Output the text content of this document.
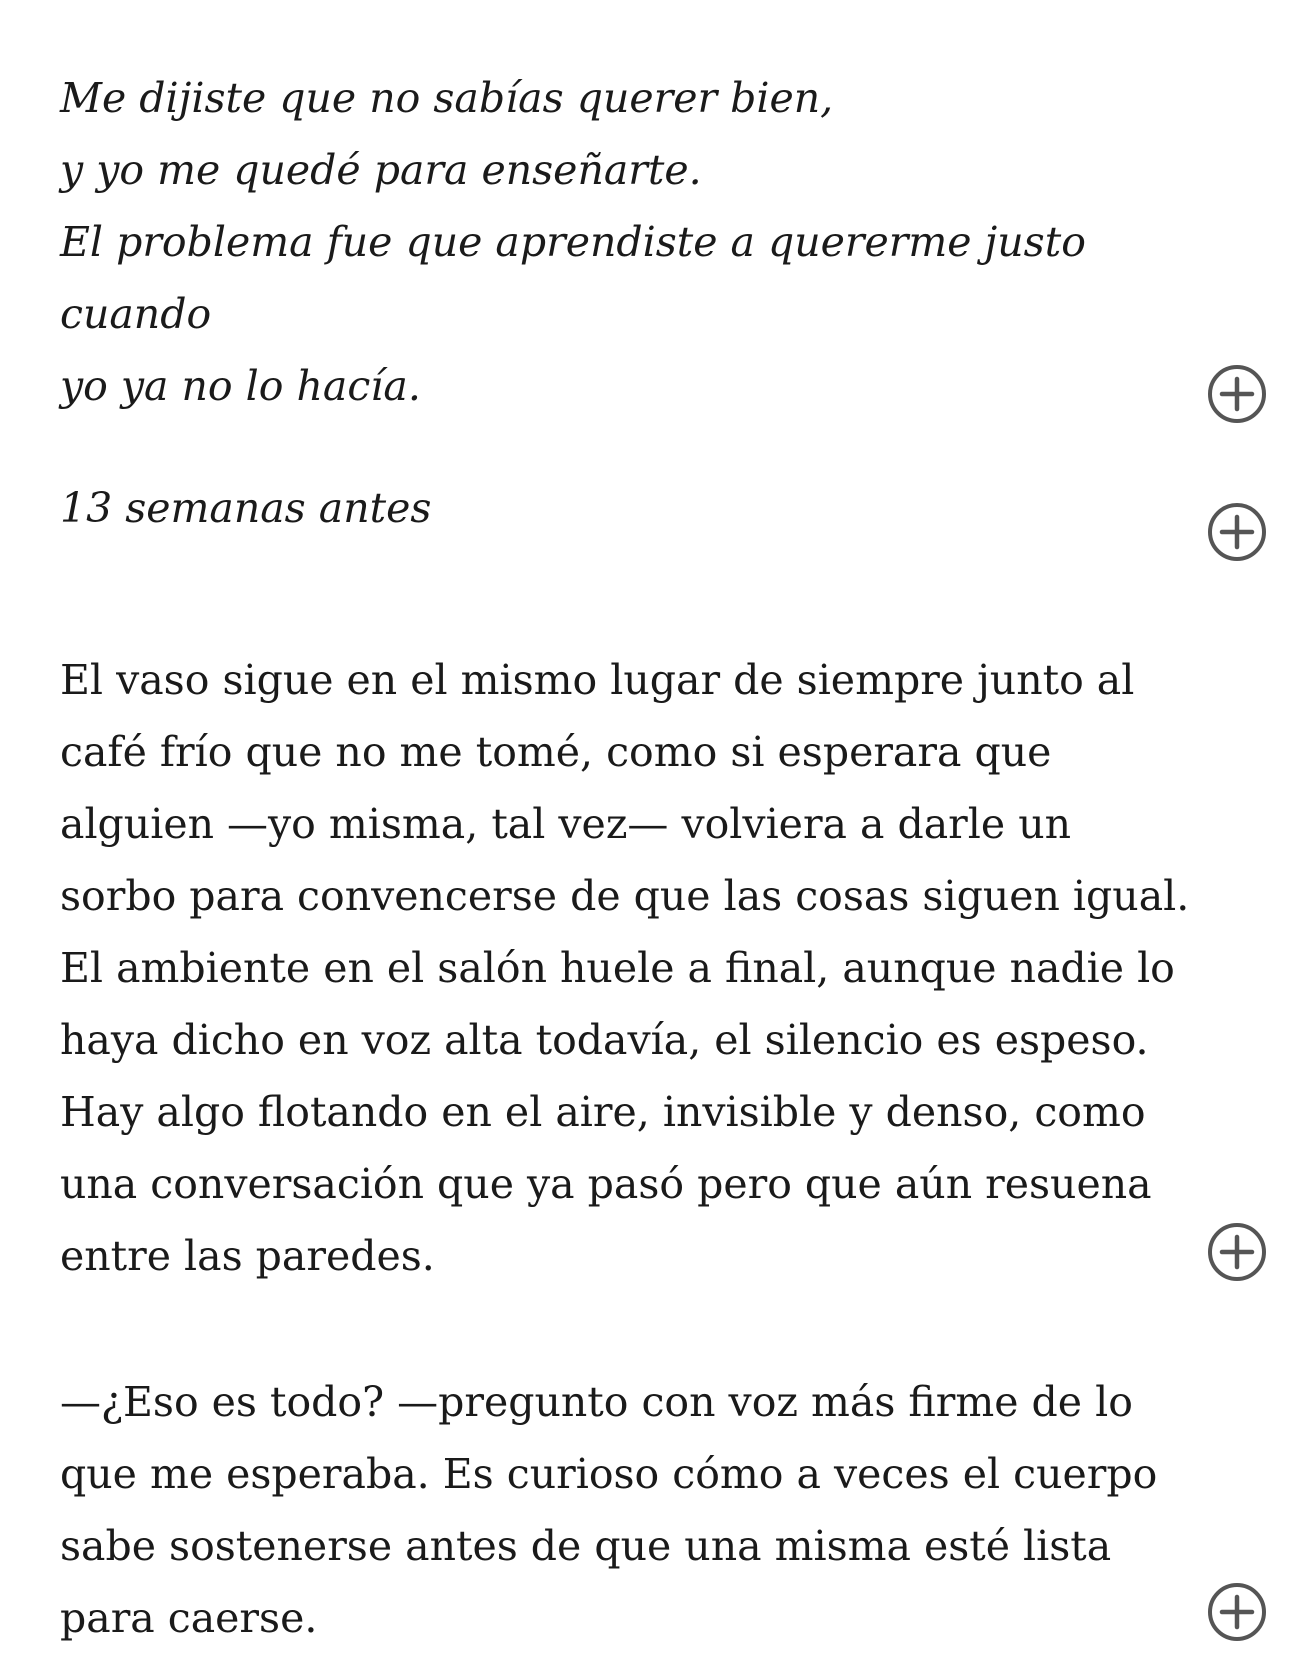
Me dijiste que no sabías querer bien,
y yo me quedé para enseñarte.
El problema fue que aprendiste a quererme justo
cuando
yo ya no lo hacía.
13 semanas antes
El vaso sigue en el mismo lugar de siempre junto al
café frío que no me tomé, como si esperara que
alguien —yo misma, tal vez— volviera a darle un
sorbo para convencerse de que las cosas siguen igual.
El ambiente en el salón huele a final, aunque nadie lo
haya dicho en voz alta todavía, el silencio es espeso.
Hay algo flotando en el aire, invisible y denso, como
una conversación que ya pasó pero que aún resuena
entre las paredes.
—¿Eso es todo? —pregunto con voz más firme de lo
que me esperaba. Es curioso cómo a veces el cuerpo
sabe sostenerse antes de que una misma esté lista
para caerse.
